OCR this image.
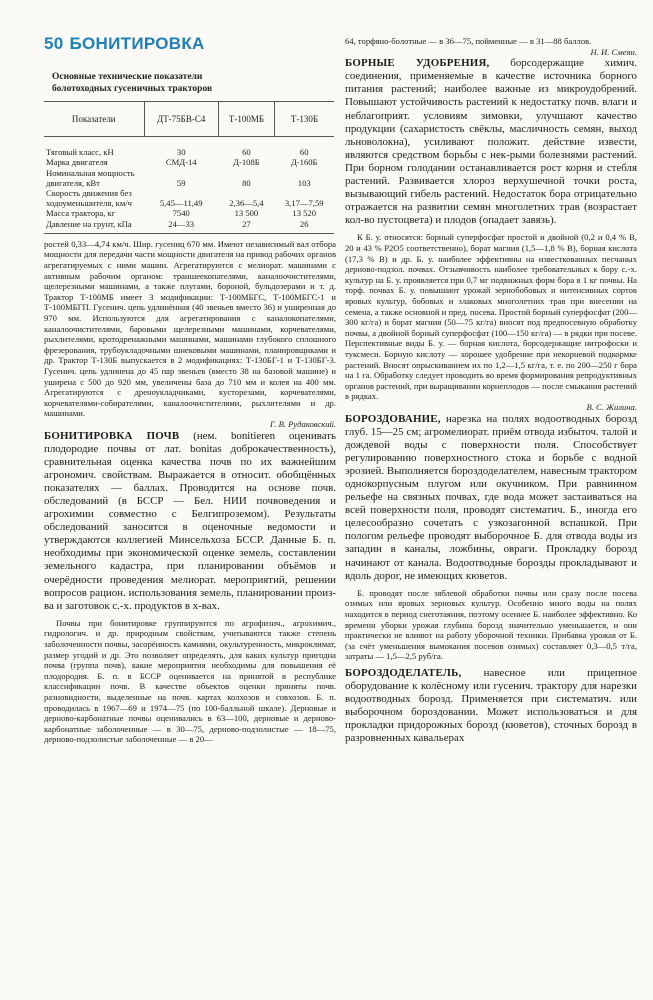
50 БОНИТИРОВКА
Основные технические показатели
болотоходных гусеничных тракторов
Показатели	ДТ-75БВ-С4	Т-100МБ	Т-130Б
Тяговый класс, кН	30	60	60
Марка двигателя	СМД-14	Д-108Б	Д-160Б
Номинальная мощность двигателя, кВт	59	80	103
Скорость движения без ходоуменьшителя, км/ч	5,45—11,49	2,36—5,4	3,17—7,59
Масса трактора, кг	7540	13 500	13 520
Давление на грунт, кПа	24—33	27	26

ростей 0,33—4,74 км/ч. Шир. гусениц 670 мм. Имеют независимый вал отбора мощности для передачи части мощности двигателя на привод рабочих органов агрегатируемых с ними машин. Агрегатируются с мелиорат. машинами с активным рабочим органом: траншеекопателями, каналоочистителями, щелерезными машинами, а также плугами, бороной, бульдозерами и т. д. Трактор Т-100МБ имеет 3 модификации: Т-100МБГС, Т-100МБГС-1 и Т-100МБГП. Гусенич. цепь удлинённая (40 звеньев вместо 36) и уширенная до 970 мм. Используются для агрегатирования с каналокопателями, каналоочистителями, баровыми щелерезными машинами, корчевателями, рыхлителями, кротодренажными машинами, машинами глубокого сплошного фрезерования, трубоукладочными шнековыми машинами, планировщиками и др. Трактор Т-130Б выпускается в 2 модификациях: Т-130БГ-1 и Т-130БГ-3. Гусенич. цепь удлинена до 45 пар звеньев (вместо 38 на базовой машине) и уширена с 500 до 920 мм, увеличены база до 710 мм и колея на 400 мм. Агрегатируются с дреноукладчиками, кусторезами, корчевателями, корчевателями-собирателями, каналоочистителями, рыхлителями и др. машинами.

Г. В. Рудаковский.

БОНИТИРОВКА ПОЧВ (нем. bonitieren оценивать плодородие почвы от лат. bonitas доброкачественность), сравнительная оценка качества почв по их важнейшим агрономич. свойствам. Выражается в относит. обобщённых показателях — баллах. Проводится на основе почв. обследований (в БССР — Бел. НИИ почвоведения и агрохимии совместно с Белгипроземом). Результаты обследований заносятся в оценочные ведомости и утверждаются коллегией Минсельхоза БССР. Данные Б. п. необходимы при экономической оценке земель, составлении земельного кадастра, при планировании объёмов и очерёдности проведения мелиорат. мероприятий, решении вопросов рацион. использования земель, планировании произ-ва и заготовок с.-х. продуктов в х-вах.

Почвы при бонитировке группируются по агрофизич., агрохимич., гидрологич. и др. природным свойствам, учитываются также степень заболоченности почвы, засорённость камнями, окультуренность, микроклимат, размер угодий и др. Это позволяет определять, для каких культур пригодна почва (группа почв), какие мероприятия необходимы для повышения её плодородия. Б. п. в БССР оценивается на принятой в республике классификации почв. В качестве объектов оценки приняты почв. разновидности, выделенные на почв. картах колхозов и совхозов. Б. п. проводилась в 1967—69 и 1974—75 (по 100-балльной шкале). Дерновые и дерново-карбонатные почвы оценивались в 63—100, дерновые и дерново-карбонатные заболоченные — в 30—75, дерново-подзолистые — 18—75, дерново-подзолистые заболоченные — в 20—

64, торфяно-болотные — в 36—75, пойменные — в 31—88 баллов.

Н. И. Смеян.

БОРНЫЕ УДОБРЕНИЯ, борсодержащие химич. соединения, применяемые в качестве источника борного питания растений; наиболее важные из микроудобрений. Повышают устойчивость растений к недостатку почв. влаги и неблагоприят. условиям зимовки, улучшают качество продукции (сахаристость свёклы, масличность семян, выход льноволокна), усиливают положит. действие извести, являются средством борьбы с нек-рыми болезнями растений. При борном голодании останавливается рост корня и стебля растений. Развивается хлороз верхушечной точки роста, вызывающий гибель растений. Недостаток бора отрицательно отражается на развитии семян многолетних трав (возрастает кол-во пустоцвета) и плодов (опадает завязь).

К Б. у. относятся: борный суперфосфат простой и двойной (0,2 и 0,4 % B, 20 и 43 % P2O5 соответственно), борат магния (1,5—1,8 % B), борная кислота (17,3 % B) и др. Б. у. наиболее эффективны на известкованных песчаных дерново-подзол. почвах. Отзывчивость наиболее требовательных к бору с.-х. культур на Б. у. проявляется при 0,7 мг подвижных форм бора в 1 кг почвы. На торф. почвах Б. у. повышают урожай зернобобовых и интенсивных сортов яровых культур, бобовых и злаковых многолетних трав при внесении на семена, а также основной и пред. посева. Простой борный суперфосфат (200—300 кг/га) и борат магния (50—75 кг/га) вносят под предпосевную обработку почвы, а двойной борный суперфосфат (100—150 кг/га) — в рядки при посеве. Перспективные виды Б. у. — борная кислота, борсодержащие нитрофоски и туксмеси. Борную кислоту — хорошее удобрение при некорневой подкормке растений. Вносят опрыскиванием их по 1,2—1,5 кг/га, т. е. по 200—250 г бора на 1 га. Обработку следует проводить во время формирования репродуктивных органов растений, при выращивании корнеплодов — после смыкания растений в рядках.

В. С. Жилина.

БОРОЗДОВАНИЕ, нарезка на полях водоотводных борозд глуб. 15—25 см; агромелиорат. приём отвода избыточ. талой и дождевой воды с поверхности поля. Способствует регулированию поверхностного стока и борьбе с водной эрозией. Выполняется бороздоделателем, навесным трактором однокорпусным плугом или окучником. При равнинном рельефе на связных почвах, где вода может застаиваться на всей поверхности поля, проводят систематич. Б., иногда его целесообразно сочетать с узкозагонной вспашкой. При пологом рельефе проводят выборочное Б. для отвода воды из западин в каналы, ложбины, овраги. Прокладку борозд начинают от канала. Водоотводные борозды прокладывают и вдоль дорог, не имеющих кюветов.

Б. проводят после зяблевой обработки почвы или сразу после посева озимых или яровых зерновых культур. Особенно много воды на полях находится в период снеготаяния, поэтому осеннее Б. наиболее эффективно. Ко времени уборки урожая глубина борозд значительно уменьшается, и они практически не влияют на работу уборочной техники. Прибавка урожая от Б. (за счёт уменьшения вымокания посевов озимых) составляет 0,3—0,5 т/га, затраты — 1,5—2,5 руб/га.

БОРОЗДОДЕЛАТЕЛЬ, навесное или прицепное оборудование к колёсному или гусенич. трактору для нарезки водоотводных борозд. Применяется при систематич. или выборочном бороздовании. Может использоваться и для прокладки придорожных борозд (кюветов), сточных борозд в разровненных кавальерах
